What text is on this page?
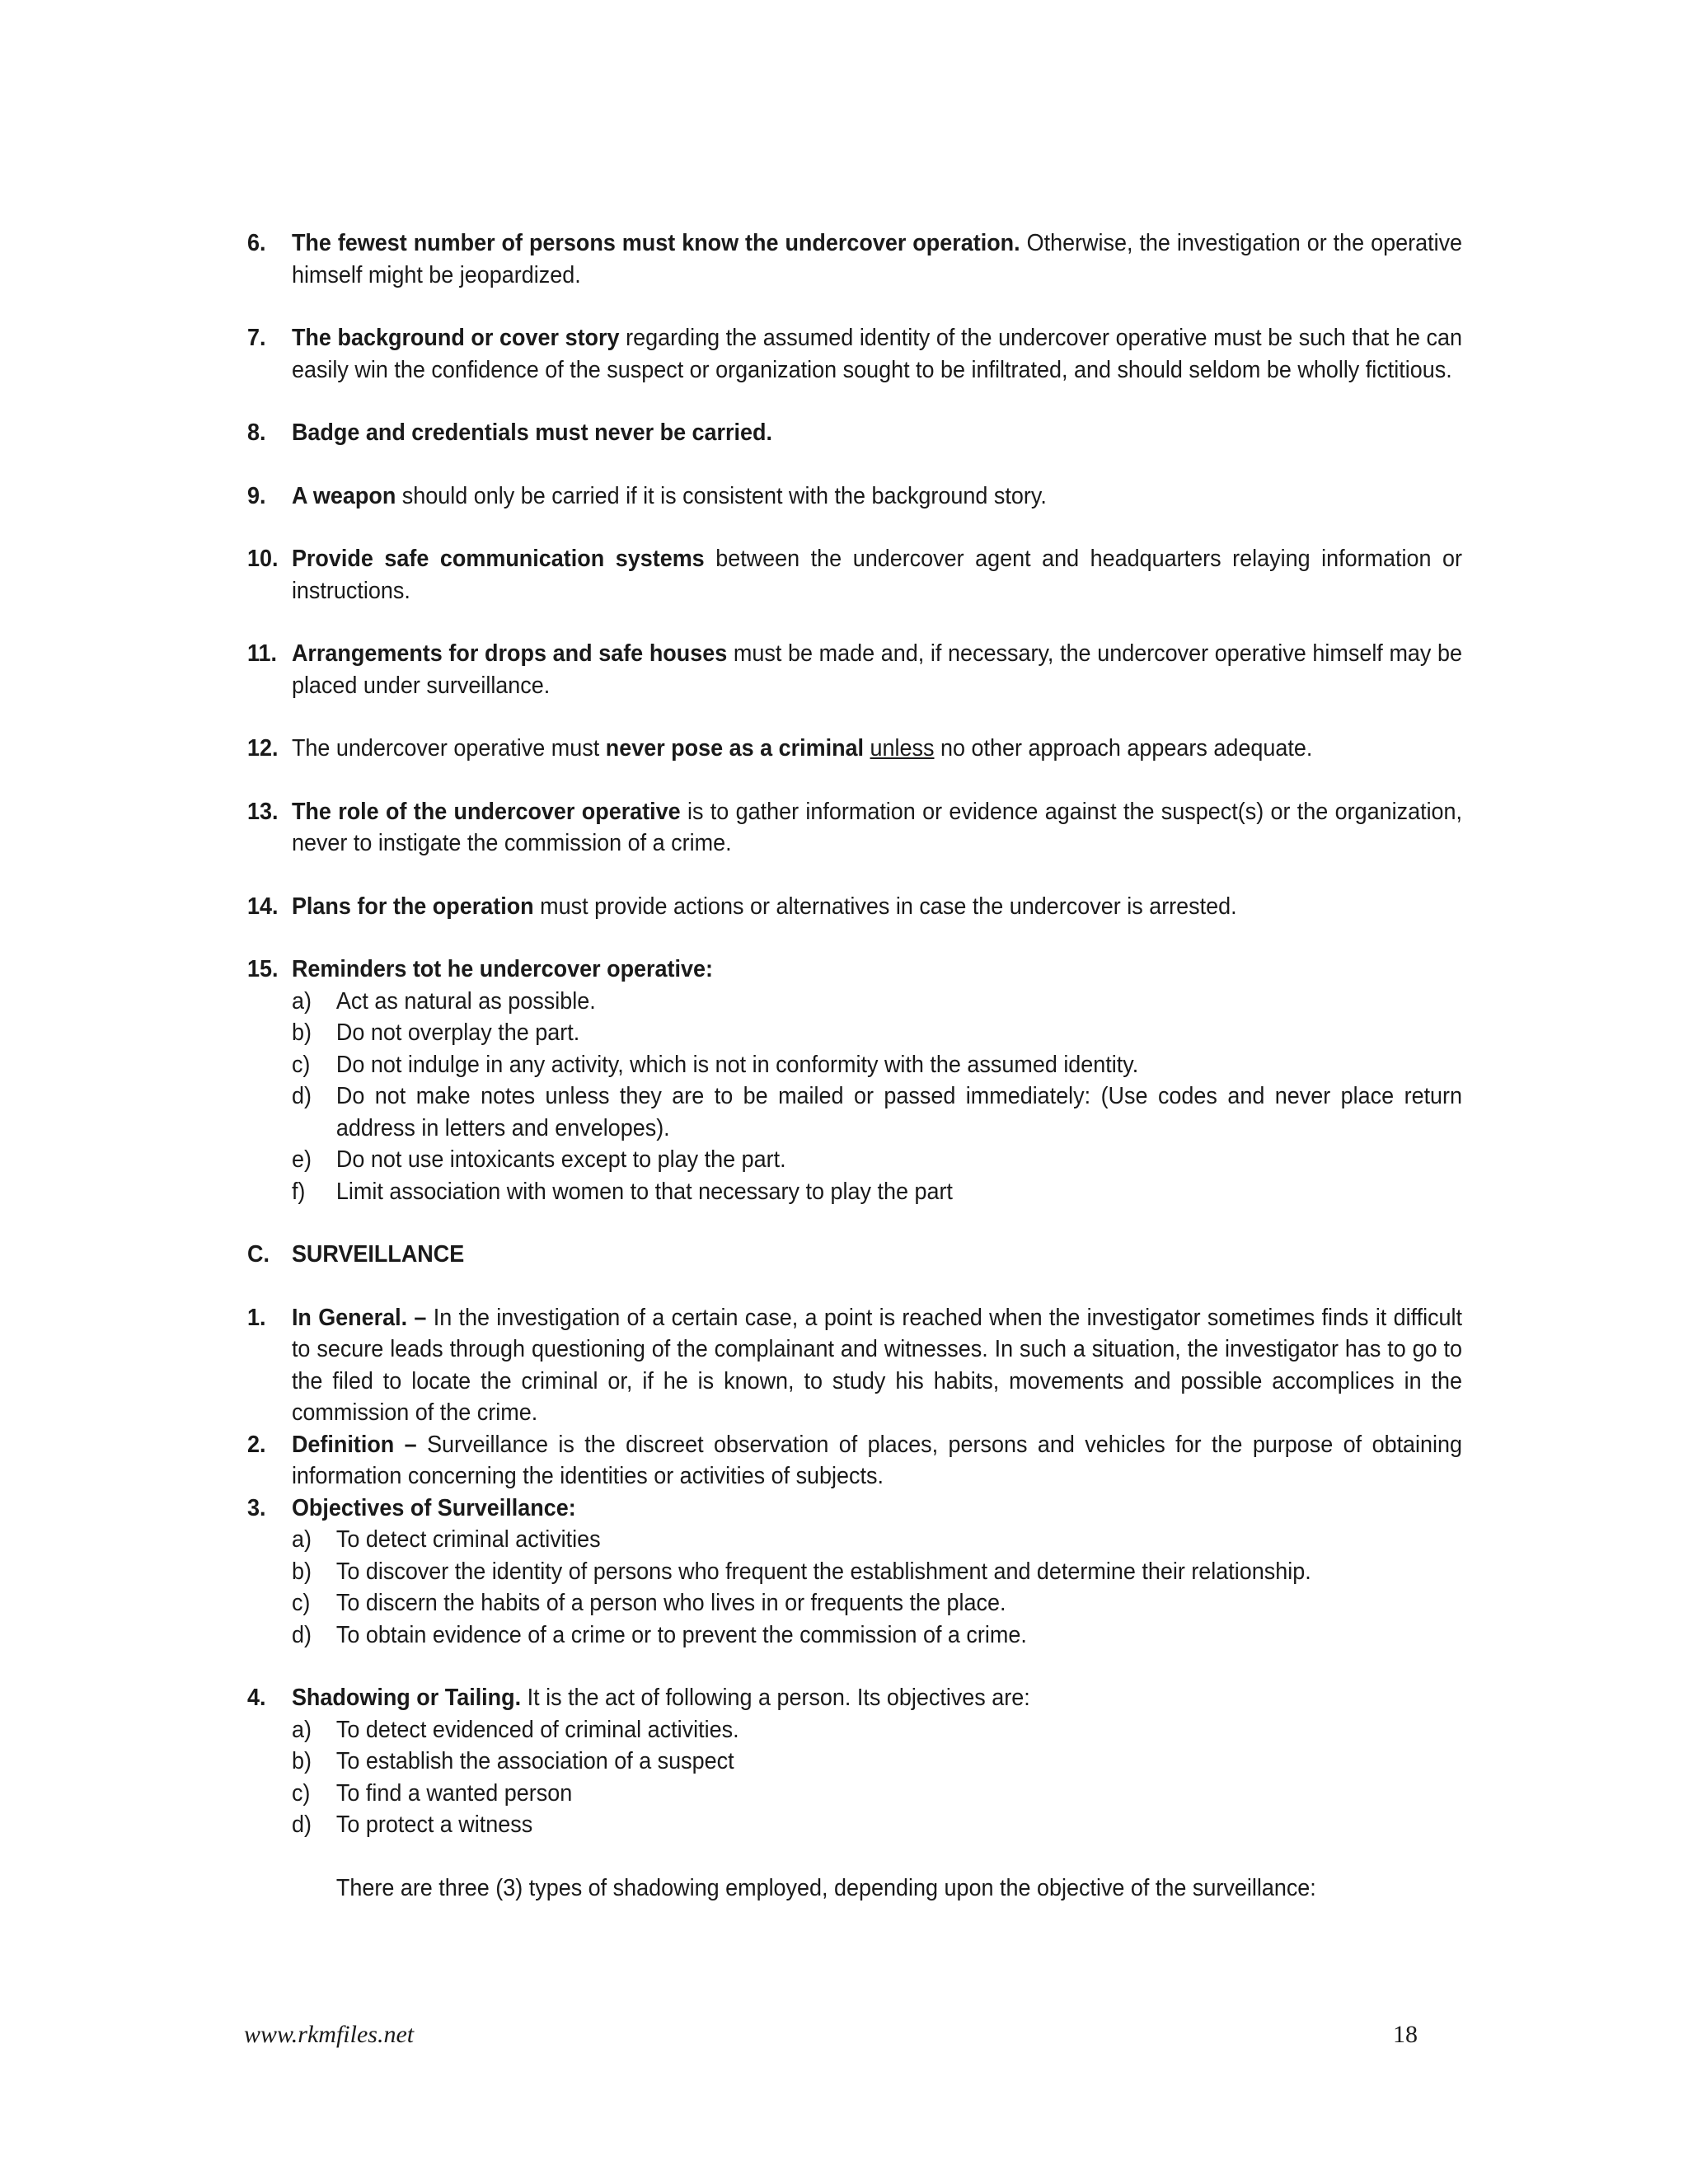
6. The fewest number of persons must know the undercover operation. Otherwise, the investigation or the operative himself might be jeopardized.
7. The background or cover story regarding the assumed identity of the undercover operative must be such that he can easily win the confidence of the suspect or organization sought to be infiltrated, and should seldom be wholly fictitious.
8. Badge and credentials must never be carried.
9. A weapon should only be carried if it is consistent with the background story.
10. Provide safe communication systems between the undercover agent and headquarters relaying information or instructions.
11. Arrangements for drops and safe houses must be made and, if necessary, the undercover operative himself may be placed under surveillance.
12. The undercover operative must never pose as a criminal unless no other approach appears adequate.
13. The role of the undercover operative is to gather information or evidence against the suspect(s) or the organization, never to instigate the commission of a crime.
14. Plans for the operation must provide actions or alternatives in case the undercover is arrested.
15. Reminders tot he undercover operative:
a) Act as natural as possible.
b) Do not overplay the part.
c) Do not indulge in any activity, which is not in conformity with the assumed identity.
d) Do not make notes unless they are to be mailed or passed immediately: (Use codes and never place return address in letters and envelopes).
e) Do not use intoxicants except to play the part.
f) Limit association with women to that necessary to play the part
C. SURVEILLANCE
1. In General. – In the investigation of a certain case, a point is reached when the investigator sometimes finds it difficult to secure leads through questioning of the complainant and witnesses. In such a situation, the investigator has to go to the filed to locate the criminal or, if he is known, to study his habits, movements and possible accomplices in the commission of the crime.
2. Definition – Surveillance is the discreet observation of places, persons and vehicles for the purpose of obtaining information concerning the identities or activities of subjects.
3. Objectives of Surveillance:
a) To detect criminal activities
b) To discover the identity of persons who frequent the establishment and determine their relationship.
c) To discern the habits of a person who lives in or frequents the place.
d) To obtain evidence of a crime or to prevent the commission of a crime.
4. Shadowing or Tailing. It is the act of following a person. Its objectives are:
a) To detect evidenced of criminal activities.
b) To establish the association of a suspect
c) To find a wanted person
d) To protect a witness
There are three (3) types of shadowing employed, depending upon the objective of the surveillance:
www.rkmfiles.net	18
